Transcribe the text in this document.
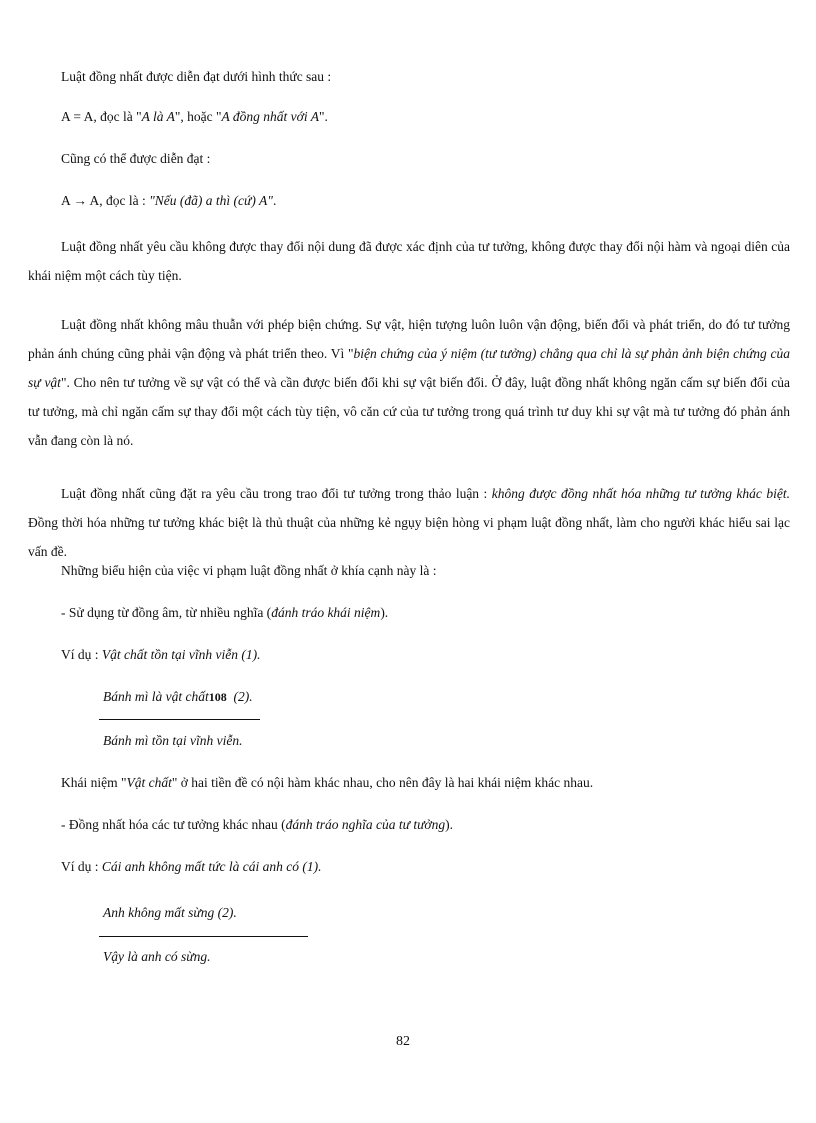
Luật đồng nhất được diễn đạt dưới hình thức sau :
A = A, đọc là "A là A", hoặc "A đồng nhất với A".
Cũng có thể được diễn đạt :
A → A, đọc là : "Nếu (đã) a thì (cứ) A".
Luật đồng nhất yêu cầu không được thay đổi nội dung đã được xác định của tư tưởng, không được thay đổi nội hàm và ngoại diên của khái niệm một cách tùy tiện.
Luật đồng nhất không mâu thuẫn với phép biện chứng. Sự vật, hiện tượng luôn luôn vận động, biến đổi và phát triển, do đó tư tưởng phản ánh chúng cũng phải vận động và phát triển theo. Vì "biện chứng của ý niệm (tư tưởng) chẳng qua chỉ là sự phản ảnh biện chứng của sự vật". Cho nên tư tưởng về sự vật có thể và cần được biến đổi khi sự vật biến đổi. Ở đây, luật đồng nhất không ngăn cấm sự biến đổi của tư tưởng, mà chỉ ngăn cấm sự thay đổi một cách tùy tiện, vô căn cứ của tư tưởng trong quá trình tư duy khi sự vật mà tư tưởng đó phản ánh vẫn đang còn là nó.
Luật đồng nhất cũng đặt ra yêu cầu trong trao đổi tư tưởng trong thảo luận : không được đồng nhất hóa những tư tưởng khác biệt. Đồng thời hóa những tư tưởng khác biệt là thủ thuật của những kẻ ngụy biện hòng vi phạm luật đồng nhất, làm cho người khác hiểu sai lạc vấn đề.
Những biểu hiện của việc vi phạm luật đồng nhất ở khía cạnh này là :
- Sử dụng từ đồng âm, từ nhiều nghĩa (đánh tráo khái niệm).
Ví dụ : Vật chất tồn tại vĩnh viễn (1).
Bánh mì là vật chất108  (2).
Bánh mì tồn tại vĩnh viễn.
Khái niệm "Vật chất" ở hai tiền đề có nội hàm khác nhau, cho nên đây là hai khái niệm khác nhau.
- Đồng nhất hóa các tư tưởng khác nhau (đánh tráo nghĩa của tư tưởng).
Ví dụ : Cái anh không mất tức là cái anh có (1).
Anh không mất sừng (2).
Vậy là anh có sừng.
82
